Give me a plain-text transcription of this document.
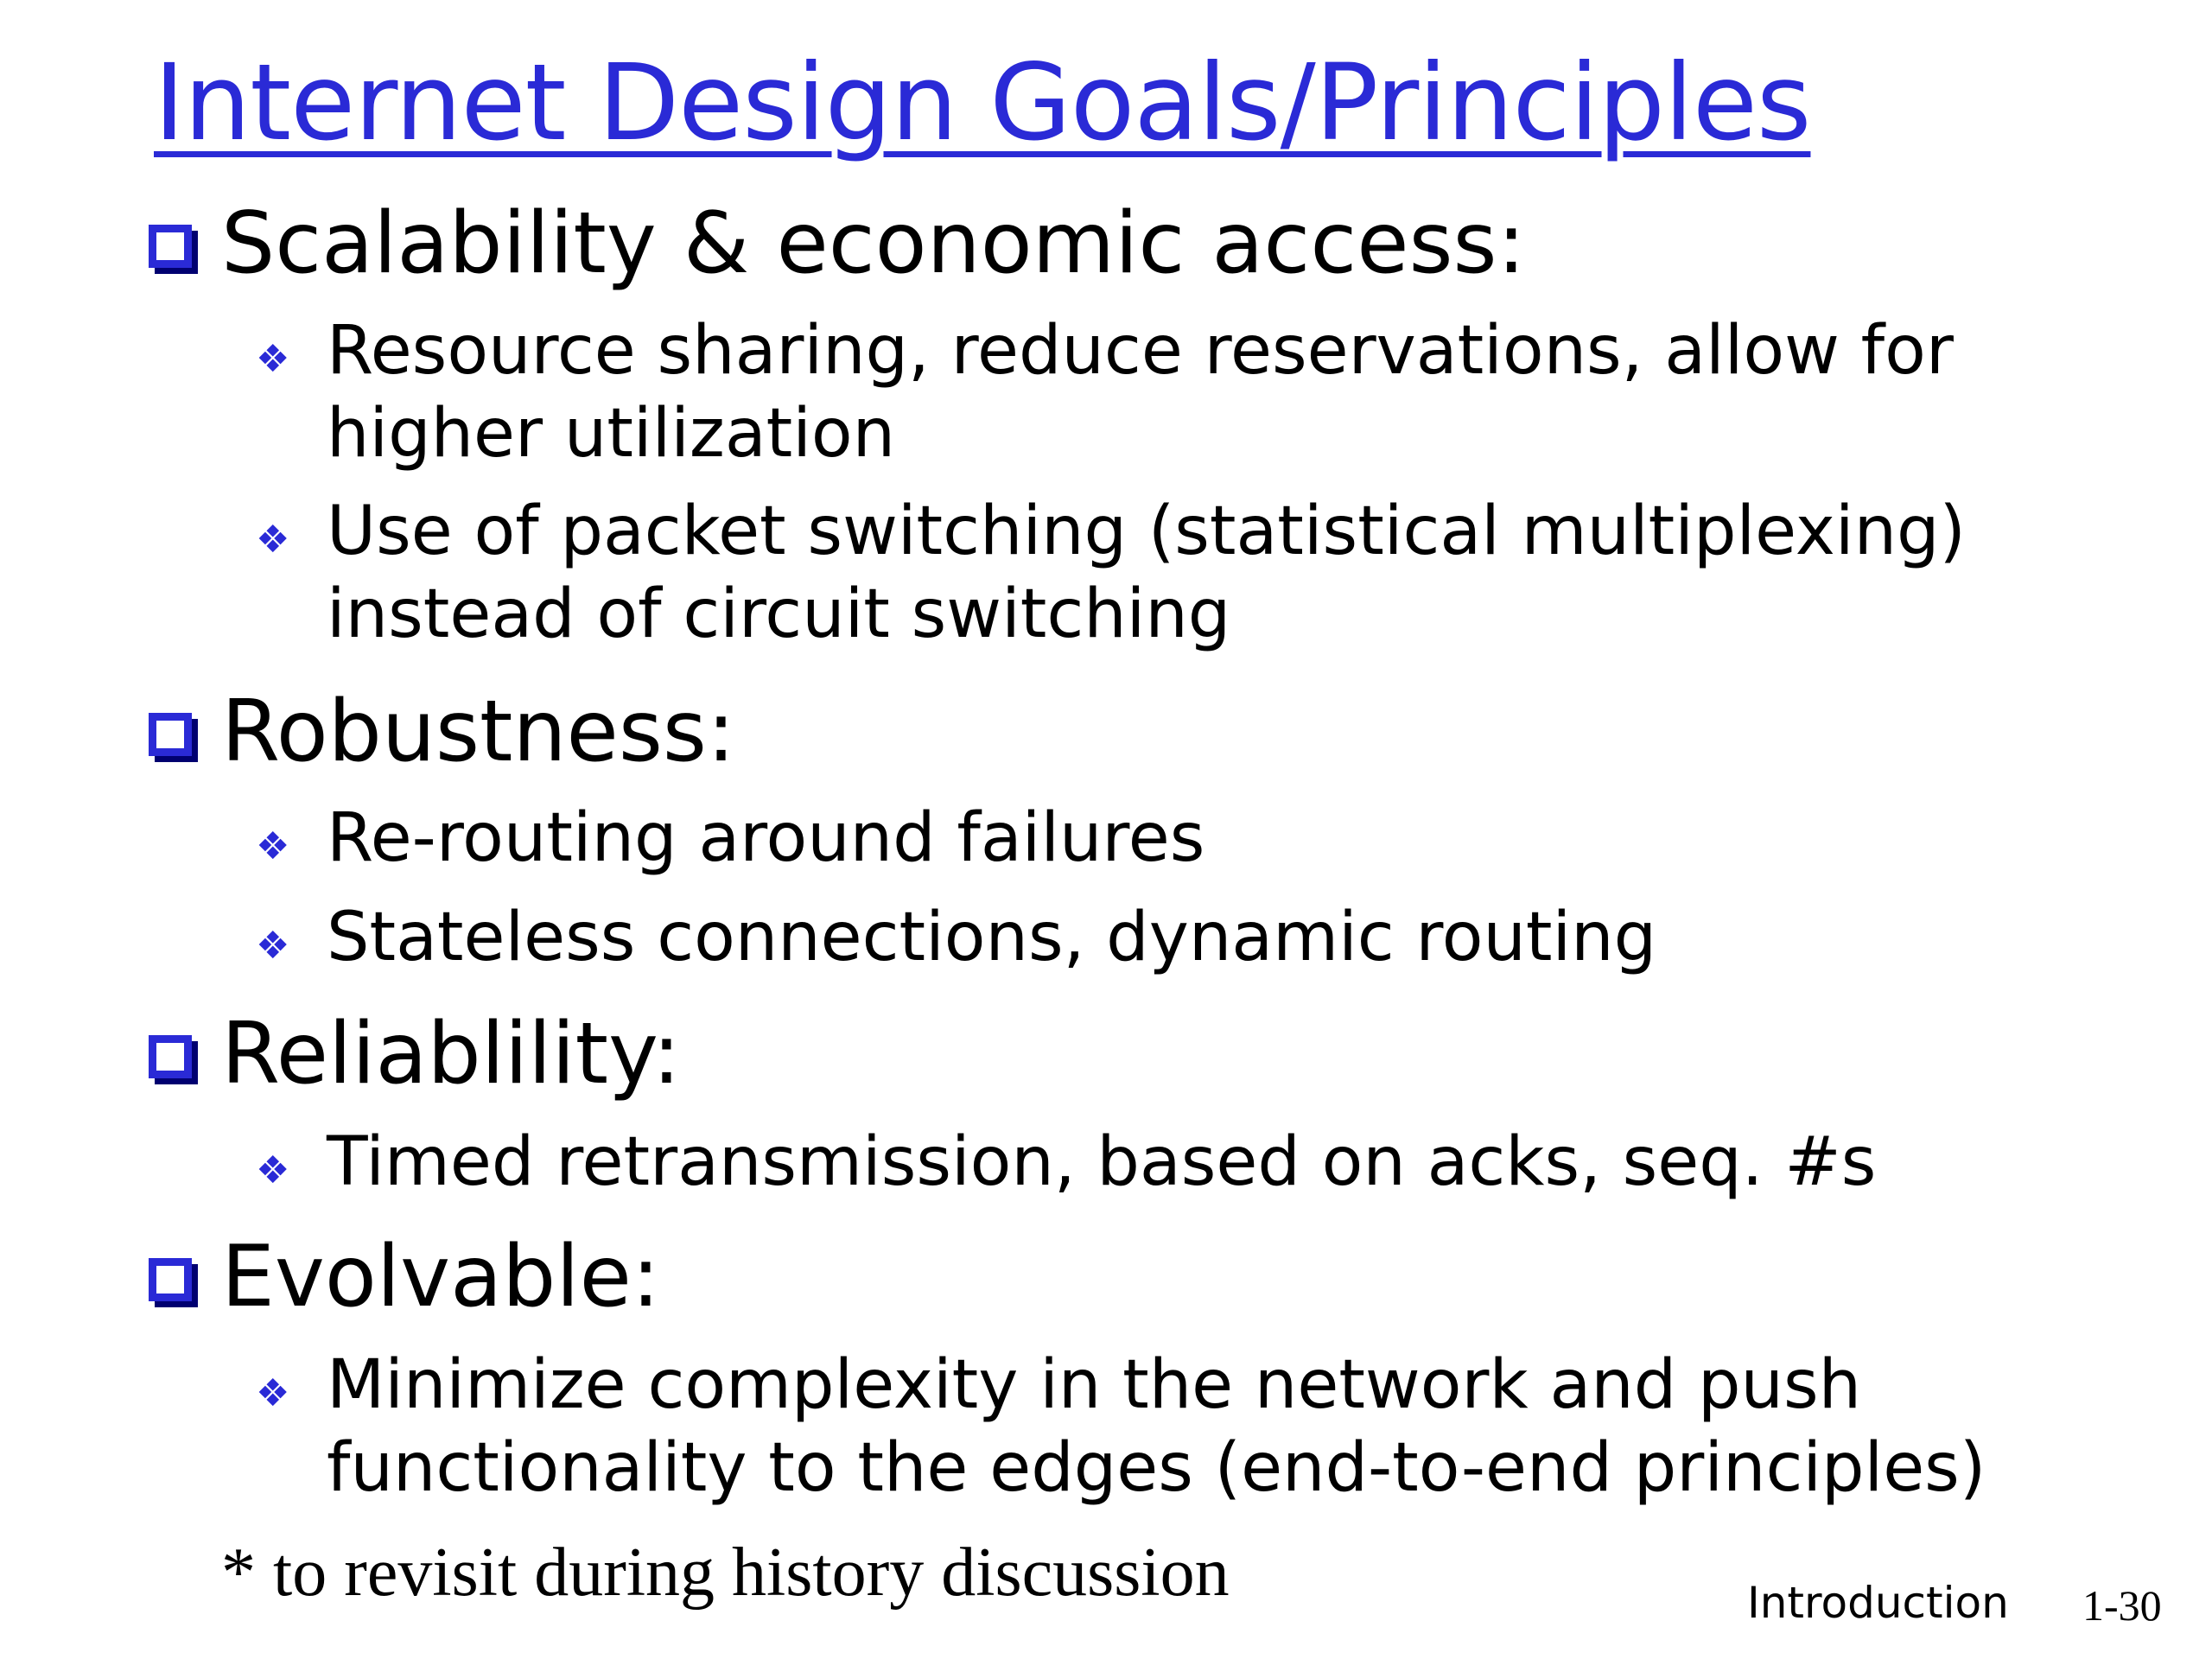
Internet Design Goals/Principles
Scalability & economic access:
❖ Resource sharing, reduce reservations, allow for
higher utilization
❖ Use of packet switching (statistical multiplexing)
instead of circuit switching
Robustness:
❖ Re-routing around failures
❖ Stateless connections, dynamic routing
Reliablility:
❖ Timed retransmission, based on acks, seq. #s
Evolvable:
❖ Minimize complexity in the network and push
functionality to the edges (end-to-end principles)
* to revisit during history discussion	Introduction 1-30
